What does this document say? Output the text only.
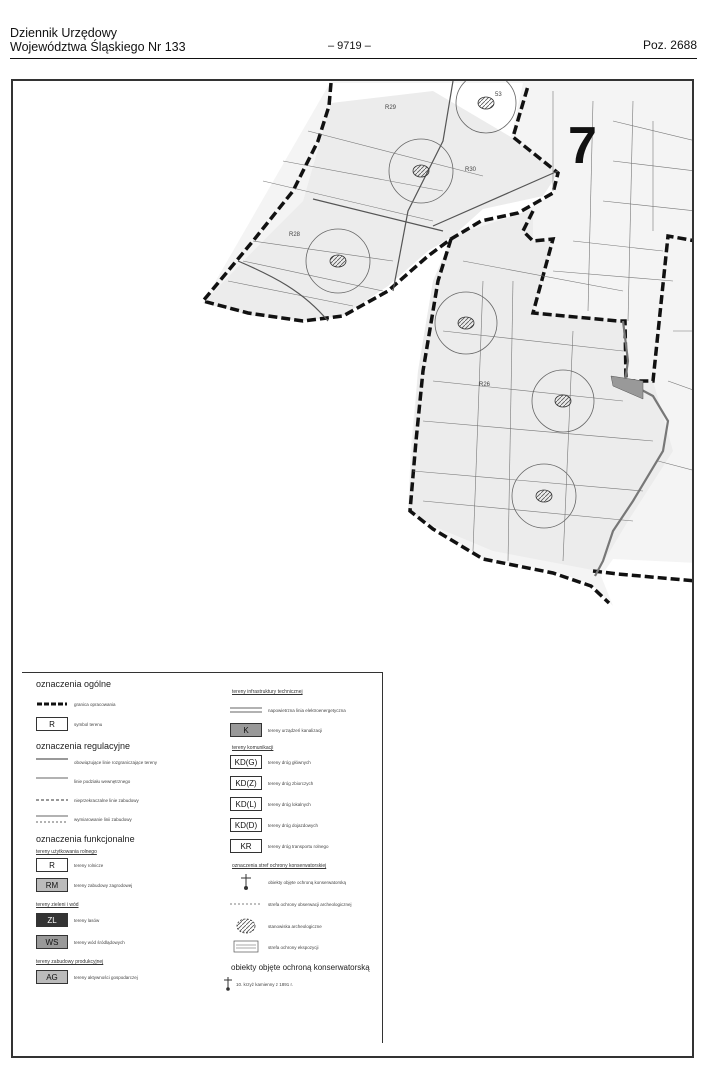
Dziennik Urzędowy
Województwa Śląskiego Nr 133	– 9719 –	Poz. 2688
R29
R30
R28
R26
53
7
oznaczenia ogólne
granica opracowania
R	symbol terenu
oznaczenia regulacyjne
obowiązujące linie rozgraniczające tereny
linie podziału wewnętrznego
nieprzekraczalne linie zabudowy
wymiarowanie linii zabudowy
oznaczenia funkcjonalne
tereny użytkowania rolnego
R	tereny rolnicze
RM	tereny zabudowy zagrodowej
tereny zieleni i wód
ZL	tereny lasów
WS	tereny wód śródlądowych
tereny zabudowy produkcyjnej
AG	tereny aktywności gospodarczej
tereny infrastruktury technicznej
napowietrzna linia elektroenergetyczna
K	tereny urządzeń kanalizacji
tereny komunikacji
KD(G)	tereny dróg głównych
KD(Z)	tereny dróg zbiorczych
KD(L)	tereny dróg lokalnych
KD(D)	tereny dróg dojazdowych
KR	tereny dróg transportu rolnego
oznaczenia stref ochrony konserwatorskiej
obiekty objęte ochroną konserwatorską
strefa ochrony obserwacji archeologicznej
stanowiska archeologiczne
strefa ochrony ekspozycji
obiekty objęte ochroną konserwatorską
10. krzyż kamienny z 1891 r.
